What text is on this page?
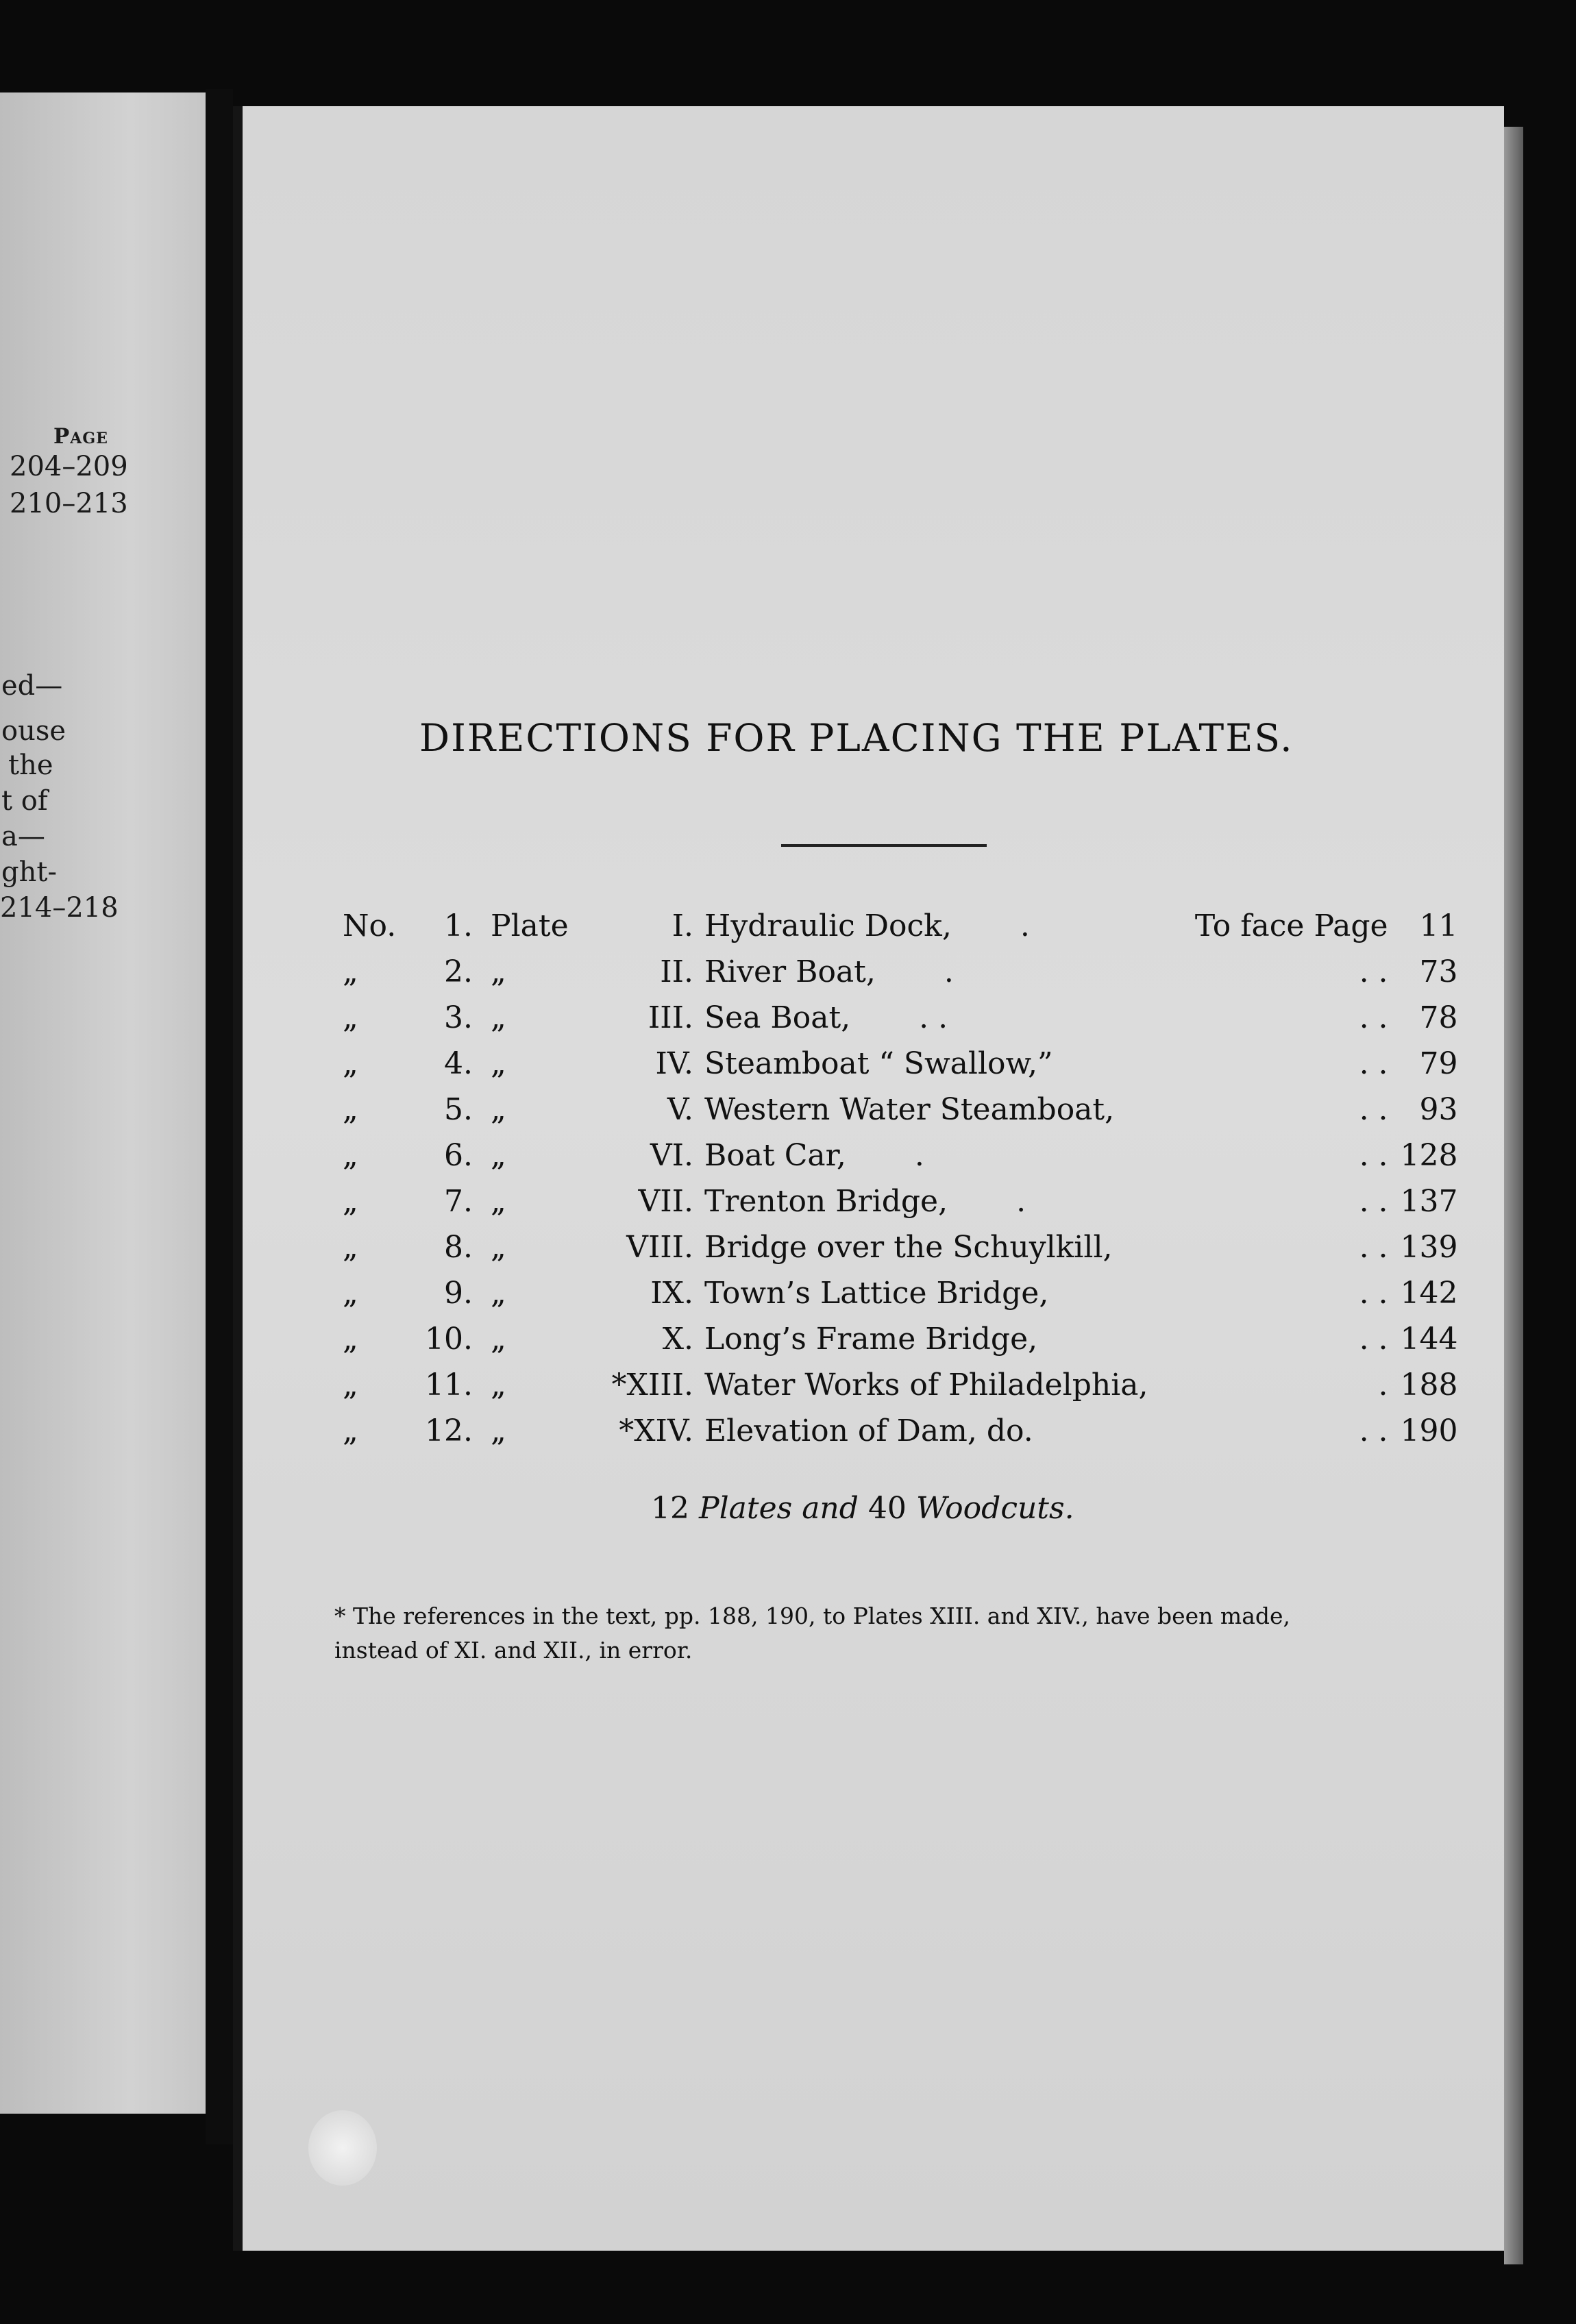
Page
204–209
210–213
ed—
ouse
the
t of
a—
ght-
214–218
DIRECTIONS FOR PLACING THE PLATES.
No.	1.	Plate	I.	Hydraulic Dock, .	To face Page	11
„	2.	„	II.	River Boat, .	. .	73
„	3.	„	III.	Sea Boat, . .	. .	78
„	4.	„	IV.	Steamboat “ Swallow,”	. .	79
„	5.	„	V.	Western Water Steamboat,	. .	93
„	6.	„	VI.	Boat Car, .	. .	128
„	7.	„	VII.	Trenton Bridge, .	. .	137
„	8.	„	VIII.	Bridge over the Schuylkill,	. .	139
„	9.	„	IX.	Town’s Lattice Bridge,	. .	142
„	10.	„	X.	Long’s Frame Bridge,	. .	144
„	11.	„	*XIII.	Water Works of Philadelphia,	.	188
„	12.	„	*XIV.	Elevation of Dam, do.	. .	190
12 Plates and 40 Woodcuts.
* The references in the text, pp. 188, 190, to Plates XIII. and XIV., have been made, instead of XI. and XII., in error.
